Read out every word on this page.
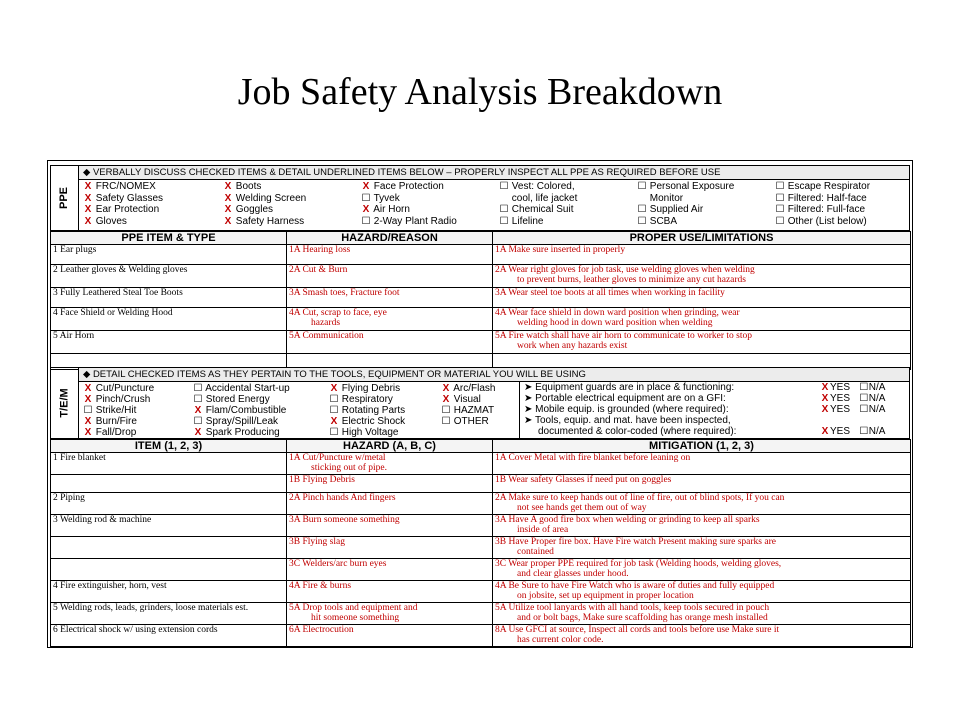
Job Safety Analysis Breakdown
PPE
◆ VERBALLY DISCUSS CHECKED ITEMS & DETAIL UNDERLINED ITEMS BELOW – PROPERLY INSPECT ALL PPE AS REQUIRED BEFORE USE
X FRC/NOMEX
X Safety Glasses
X Ear Protection
X Gloves
X Boots
X Welding Screen
X Goggles
X Safety Harness
X Face Protection
☐ Tyvek
X Air Horn
☐ 2-Way Plant Radio
☐ Vest: Colored,
cool, life jacket
☐ Chemical Suit
☐ Lifeline
☐ Personal Exposure
Monitor
☐ Supplied Air
☐ SCBA
☐ Escape Respirator
☐ Filtered: Half-face
☐ Filtered: Full-face
☐ Other (List below)
PPE ITEM & TYPE	HAZARD/REASON	PROPER USE/LIMITATIONS
1 Ear plugs	1A Hearing loss	1A Make sure inserted in properly

2 Leather gloves & Welding gloves	2A Cut & Burn	2A Wear right gloves for job task, use welding gloves when welding
to prevent burns, leather gloves to minimize any cut hazards

3 Fully Leathered Steal Toe Boots	3A Smash toes, Fracture foot	3A Wear steel toe boots at all times when working in facility

4 Face Shield or Welding Hood	4A Cut, scrap to face, eye
hazards	4A Wear face shield in down ward position when grinding, wear
welding hood in down ward position when welding

5 Air Horn	5A Communication	5A Fire watch shall have air horn to communicate to worker to stop
work when any hazards exist

T/E/M
◆ DETAIL CHECKED ITEMS AS THEY PERTAIN TO THE TOOLS, EQUIPMENT OR MATERIAL YOU WILL BE USING
X Cut/Puncture
X Pinch/Crush
☐ Strike/Hit
X Burn/Fire
X Fall/Drop
☐ Accidental Start-up
☐ Stored Energy
X Flam/Combustible
☐ Spray/Spill/Leak
X Spark Producing
X Flying Debris
☐ Respiratory
☐ Rotating Parts
X Electric Shock
☐ High Voltage
X Arc/Flash
X Visual
☐ HAZMAT
☐ OTHER
➤ Equipment guards are in place & functioning:	X YES ☐N/A
➤ Portable electrical equipment are on a GFI:	X YES ☐N/A
➤ Mobile equip. is grounded (where required):	X YES ☐N/A
➤ Tools, equip. and mat. have been inspected,
documented & color-coded (where required):	X YES ☐N/A
ITEM (1, 2, 3)	HAZARD (A, B, C)	MITIGATION (1, 2, 3)
1 Fire blanket	1A Cut/Puncture w/metal
sticking out of pipe.	1A Cover Metal with fire blanket before leaning on

	1B Flying Debris	1B Wear safety Glasses if need put on goggles

2 Piping	2A Pinch hands And fingers	2A Make sure to keep hands out of line of fire, out of blind spots, If you can
not see hands get them out of way

3 Welding rod & machine	3A Burn someone something	3A Have A good fire box when welding or grinding to keep all sparks
inside of area

	3B Flying slag	3B Have Proper fire box. Have Fire watch Present making sure sparks are
contained

	3C Welders/arc burn eyes	3C Wear proper PPE required for job task (Welding hoods, welding gloves,
and clear glasses under hood.

4 Fire extinguisher, horn, vest	4A Fire & burns	4A Be Sure to have Fire Watch who is aware of duties and fully equipped
on jobsite, set up equipment in proper location

5 Welding rods, leads, grinders, loose materials est.	5A Drop tools and equipment and
hit someone something	5A Utilize tool lanyards with all hand tools, keep tools secured in pouch
and or bolt bags, Make sure scaffolding has orange mesh installed

6 Electrical shock w/ using extension cords	6A Electrocution	8A Use GFCI at source, Inspect all cords and tools before use Make sure it
has current color code.
